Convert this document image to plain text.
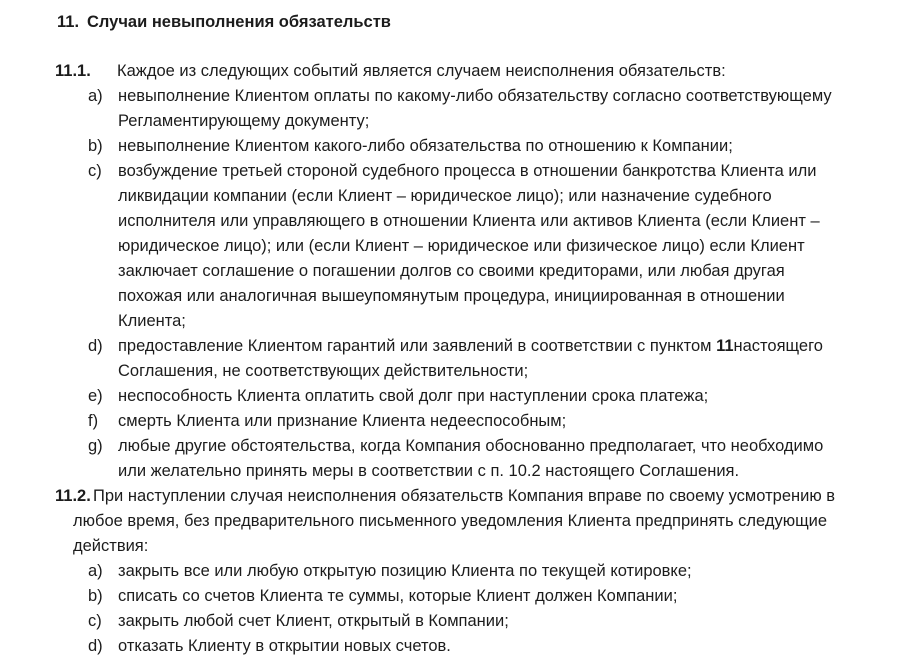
11. Случаи невыполнения обязательств
11.1. Каждое из следующих событий является случаем неисполнения обязательств:
a) невыполнение Клиентом оплаты по какому-либо обязательству согласно соответствующему Регламентирующему документу;
b) невыполнение Клиентом какого-либо обязательства по отношению к Компании;
c) возбуждение третьей стороной судебного процесса в отношении банкротства Клиента или ликвидации компании (если Клиент – юридическое лицо); или назначение судебного исполнителя или управляющего в отношении Клиента или активов Клиента (если Клиент – юридическое лицо); или (если Клиент – юридическое или физическое лицо) если Клиент заключает соглашение о погашении долгов со своими кредиторами, или любая другая похожая или аналогичная вышеупомянутым процедура, инициированная в отношении Клиента;
d) предоставление Клиентом гарантий или заявлений в соответствии с пунктом 11настоящего Соглашения, не соответствующих действительности;
e) неспособность Клиента оплатить свой долг при наступлении срока платежа;
f) смерть Клиента или признание Клиента недееспособным;
g) любые другие обстоятельства, когда Компания обоснованно предполагает, что необходимо или желательно принять меры в соответствии с п. 10.2 настоящего Соглашения.
11.2. При наступлении случая неисполнения обязательств Компания вправе по своему усмотрению в любое время, без предварительного письменного уведомления Клиента предпринять следующие действия:
a) закрыть все или любую открытую позицию Клиента по текущей котировке;
b) списать со счетов Клиента те суммы, которые Клиент должен Компании;
c) закрыть любой счет Клиент, открытый в Компании;
d) отказать Клиенту в открытии новых счетов.
